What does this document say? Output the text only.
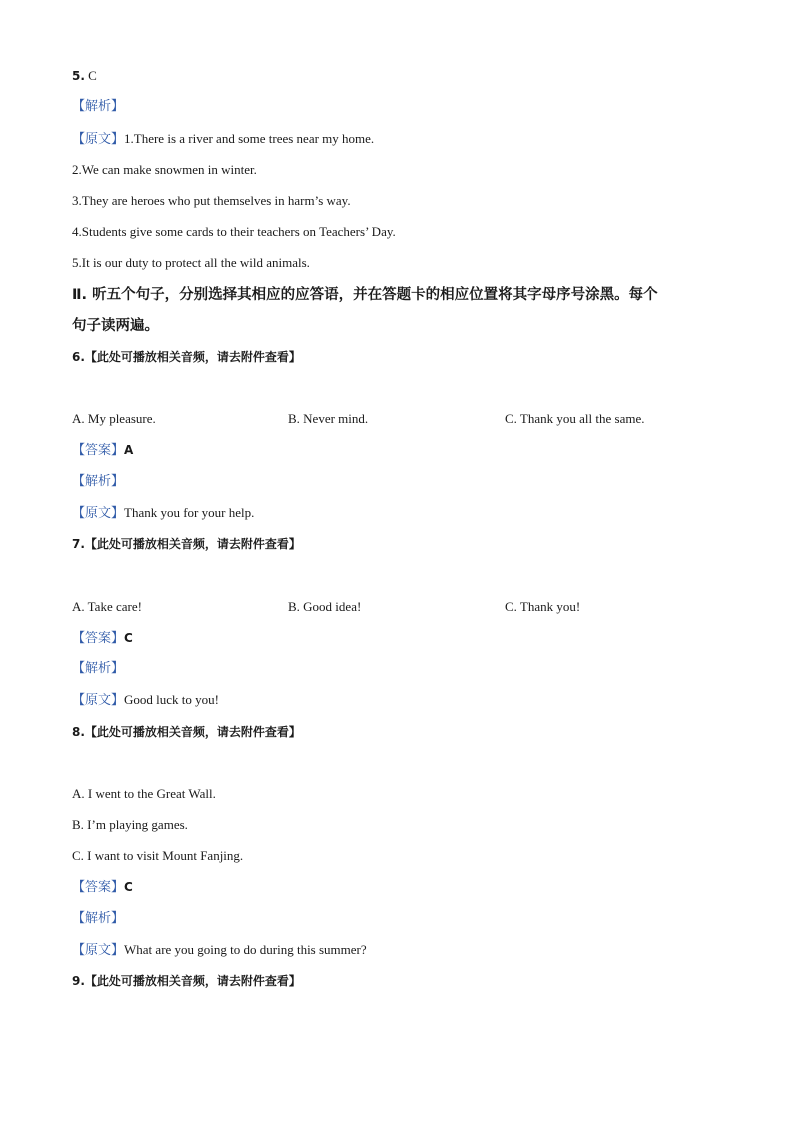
5. C
【解析】
【原文】1.There is a river and some trees near my home.
2.We can make snowmen in winter.
3.They are heroes who put themselves in harm’s way.
4.Students give some cards to their teachers on Teachers’ Day.
5.It is our duty to protect all the wild animals.
Ⅱ. 听五个句子，分别选择其相应的应答语，并在答题卡的相应位置将其字母序号涂黑。每个
句子读两遍。
6.【此处可播放相关音频，请去附件查看】
A. My pleasure.	B. Never mind.	C. Thank you all the same.
【答案】A
【解析】
【原文】Thank you for your help.
7.【此处可播放相关音频，请去附件查看】
A. Take care!	B. Good idea!	C. Thank you!
【答案】C
【解析】
【原文】Good luck to you!
8.【此处可播放相关音频，请去附件查看】
A. I went to the Great Wall.
B. I’m playing games.
C. I want to visit Mount Fanjing.
【答案】C
【解析】
【原文】What are you going to do during this summer?
9.【此处可播放相关音频，请去附件查看】
